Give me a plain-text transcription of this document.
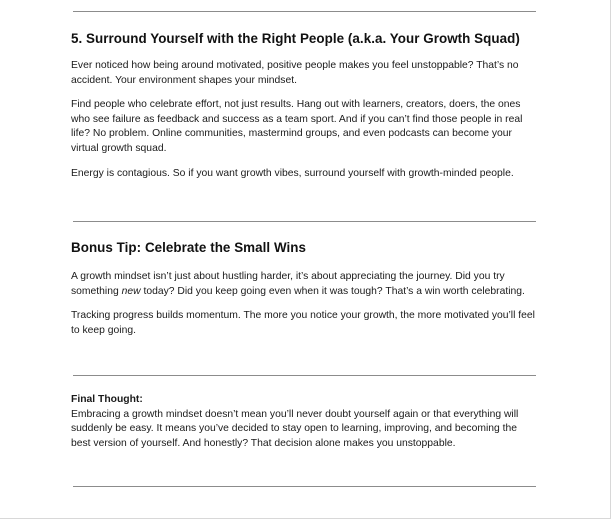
5. Surround Yourself with the Right People (a.k.a. Your Growth Squad)

Ever noticed how being around motivated, positive people makes you feel unstoppable? That’s no accident. Your environment shapes your mindset.

Find people who celebrate effort, not just results. Hang out with learners, creators, doers, the ones who see failure as feedback and success as a team sport. And if you can’t find those people in real life? No problem. Online communities, mastermind groups, and even podcasts can become your virtual growth squad.

Energy is contagious. So if you want growth vibes, surround yourself with growth-minded people.

Bonus Tip: Celebrate the Small Wins

A growth mindset isn’t just about hustling harder, it’s about appreciating the journey. Did you try something new today? Did you keep going even when it was tough? That’s a win worth celebrating.

Tracking progress builds momentum. The more you notice your growth, the more motivated you’ll feel to keep going.

Final Thought:

Embracing a growth mindset doesn’t mean you’ll never doubt yourself again or that everything will suddenly be easy. It means you’ve decided to stay open to learning, improving, and becoming the best version of yourself. And honestly? That decision alone makes you unstoppable.
